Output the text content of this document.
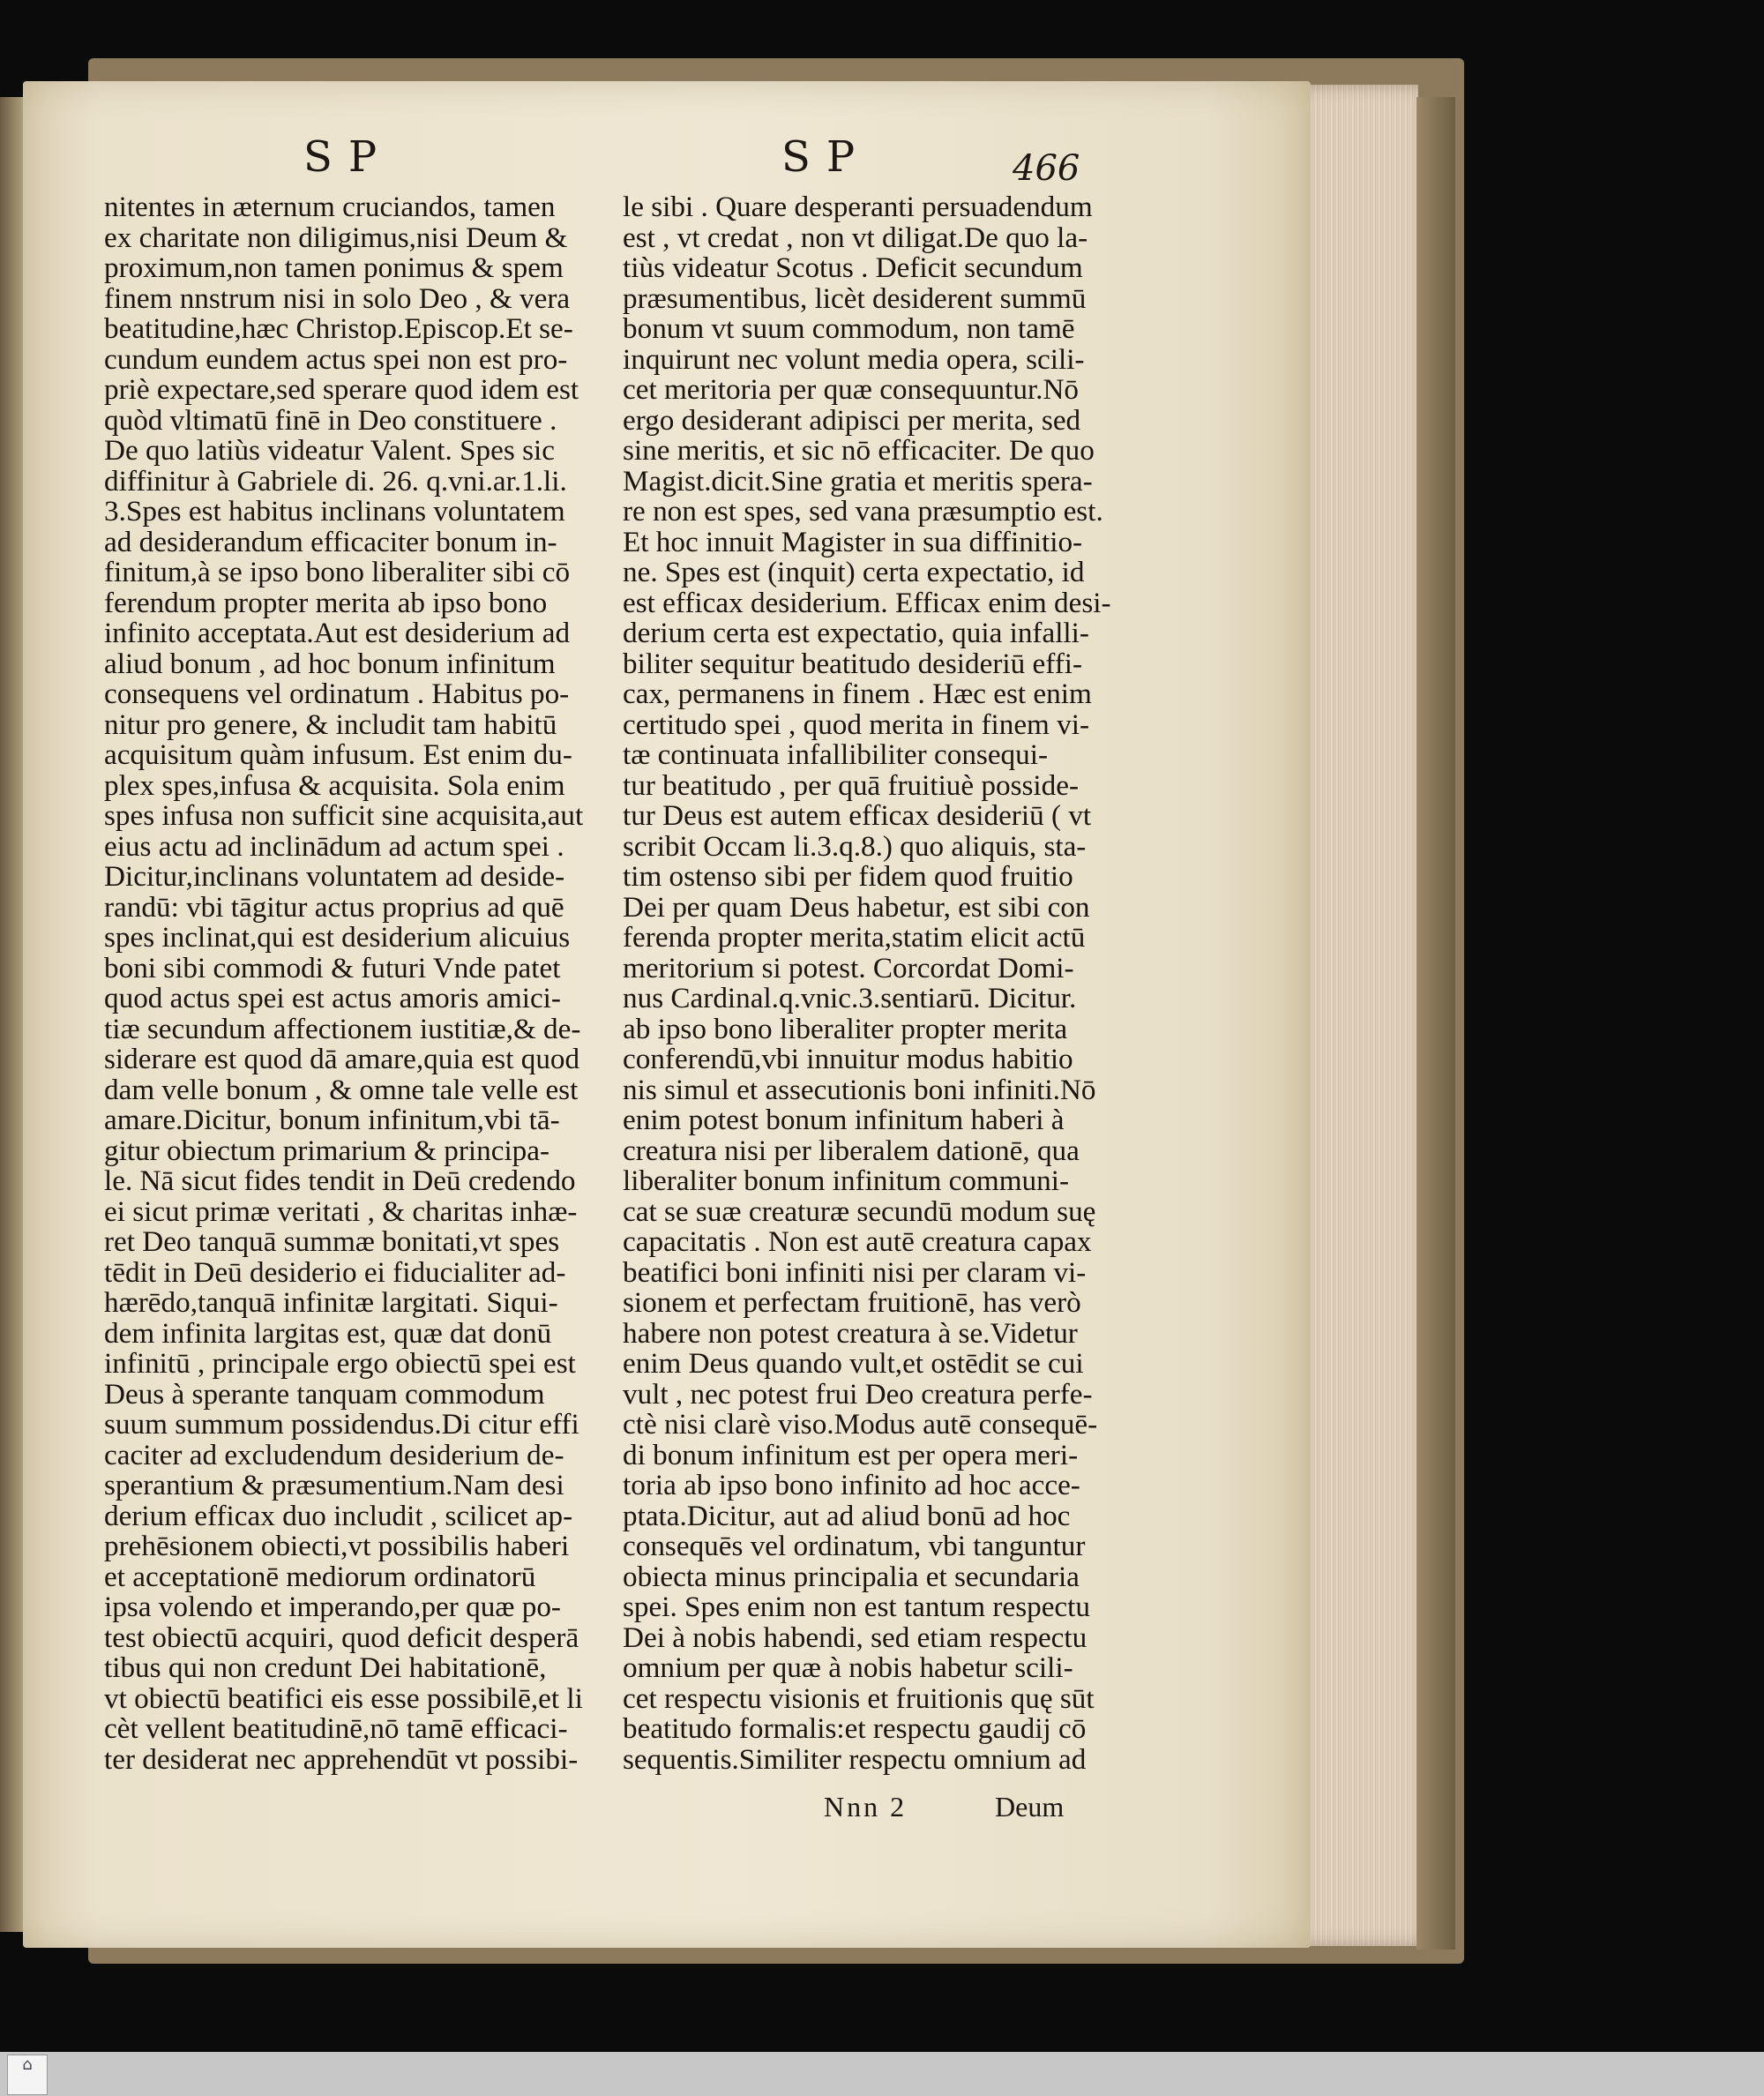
SP	SP	466
nitentes in æternum cruciandos, tamen
ex charitate non diligimus,nisi Deum &
proximum,non tamen ponimus & spem
finem nnstrum nisi in solo Deo , & vera
beatitudine,hæc Christop.Episcop.Et se-
cundum eundem actus spei non est pro-
priè expectare,sed sperare quod idem est
quòd vltimatū finē in Deo constituere .
De quo latiùs videatur Valent. Spes sic
diffinitur à Gabriele di. 26. q.vni.ar.1.li.
3.Spes est habitus inclinans voluntatem
ad desiderandum efficaciter bonum in-
finitum,à se ipso bono liberaliter sibi cō
ferendum propter merita ab ipso bono
infinito acceptata.Aut est desiderium ad
aliud bonum , ad hoc bonum infinitum
consequens vel ordinatum . Habitus po-
nitur pro genere, & includit tam habitū
acquisitum quàm infusum. Est enim du-
plex spes,infusa & acquisita. Sola enim
spes infusa non sufficit sine acquisita,aut
eius actu ad inclinādum ad actum spei .
Dicitur,inclinans voluntatem ad deside-
randū: vbi tāgitur actus proprius ad quē
spes inclinat,qui est desiderium alicuius
boni sibi commodi & futuri Vnde patet
quod actus spei est actus amoris amici-
tiæ secundum affectionem iustitiæ,& de-
siderare est quod dā amare,quia est quod
dam velle bonum , & omne tale velle est
amare.Dicitur, bonum infinitum,vbi tā-
gitur obiectum primarium & principa-
le. Nā sicut fides tendit in Deū credendo
ei sicut primæ veritati , & charitas inhæ-
ret Deo tanquā summæ bonitati,vt spes
tēdit in Deū desiderio ei fiducialiter ad-
hærēdo,tanquā infinitæ largitati. Siqui-
dem infinita largitas est, quæ dat donū
infinitū , principale ergo obiectū spei est
Deus à sperante tanquam commodum
suum summum possidendus.Di citur effi
caciter ad excludendum desiderium de-
sperantium & præsumentium.Nam desi
derium efficax duo includit , scilicet ap-
prehēsionem obiecti,vt possibilis haberi
et acceptationē mediorum ordinatorū
ipsa volendo et imperando,per quæ po-
test obiectū acquiri, quod deficit desperā
tibus qui non credunt Dei habitationē,
vt obiectū beatifici eis esse possibilē,et li
cèt vellent beatitudinē,nō tamē efficaci-
ter desiderat nec apprehendūt vt possibi-
le sibi . Quare desperanti persuadendum
est , vt credat , non vt diligat.De quo la-
tiùs videatur Scotus . Deficit secundum
præsumentibus, licèt desiderent summū
bonum vt suum commodum, non tamē
inquirunt nec volunt media opera, scili-
cet meritoria per quæ consequuntur.Nō
ergo desiderant adipisci per merita, sed
sine meritis, et sic nō efficaciter. De quo
Magist.dicit.Sine gratia et meritis spera-
re non est spes, sed vana præsumptio est.
Et hoc innuit Magister in sua diffinitio-
ne. Spes est (inquit) certa expectatio, id
est efficax desiderium. Efficax enim desi-
derium certa est expectatio, quia infalli-
biliter sequitur beatitudo desideriū effi-
cax, permanens in finem . Hæc est enim
certitudo spei , quod merita in finem vi-
tæ continuata infallibiliter consequi-
tur beatitudo , per quā fruitiuè posside-
tur Deus est autem efficax desideriū ( vt
scribit Occam li.3.q.8.) quo aliquis, sta-
tim ostenso sibi per fidem quod fruitio
Dei per quam Deus habetur, est sibi con
ferenda propter merita,statim elicit actū
meritorium si potest. Corcordat Domi-
nus Cardinal.q.vnic.3.sentiarū. Dicitur.
ab ipso bono liberaliter propter merita
conferendū,vbi innuitur modus habitio
nis simul et assecutionis boni infiniti.Nō
enim potest bonum infinitum haberi à
creatura nisi per liberalem dationē, qua
liberaliter bonum infinitum communi-
cat se suæ creaturæ secundū modum suę
capacitatis . Non est autē creatura capax
beatifici boni infiniti nisi per claram vi-
sionem et perfectam fruitionē, has verò
habere non potest creatura à se.Videtur
enim Deus quando vult,et ostēdit se cui
vult , nec potest frui Deo creatura perfe-
ctè nisi clarè viso.Modus autē consequē-
di bonum infinitum est per opera meri-
toria ab ipso bono infinito ad hoc acce-
ptata.Dicitur, aut ad aliud bonū ad hoc
consequēs vel ordinatum, vbi tanguntur
obiecta minus principalia et secundaria
spei. Spes enim non est tantum respectu
Dei à nobis habendi, sed etiam respectu
omnium per quæ à nobis habetur scili-
cet respectu visionis et fruitionis quę sūt
beatitudo formalis:et respectu gaudij cō
sequentis.Similiter respectu omnium ad
Nnn 2	Deum
⌂
